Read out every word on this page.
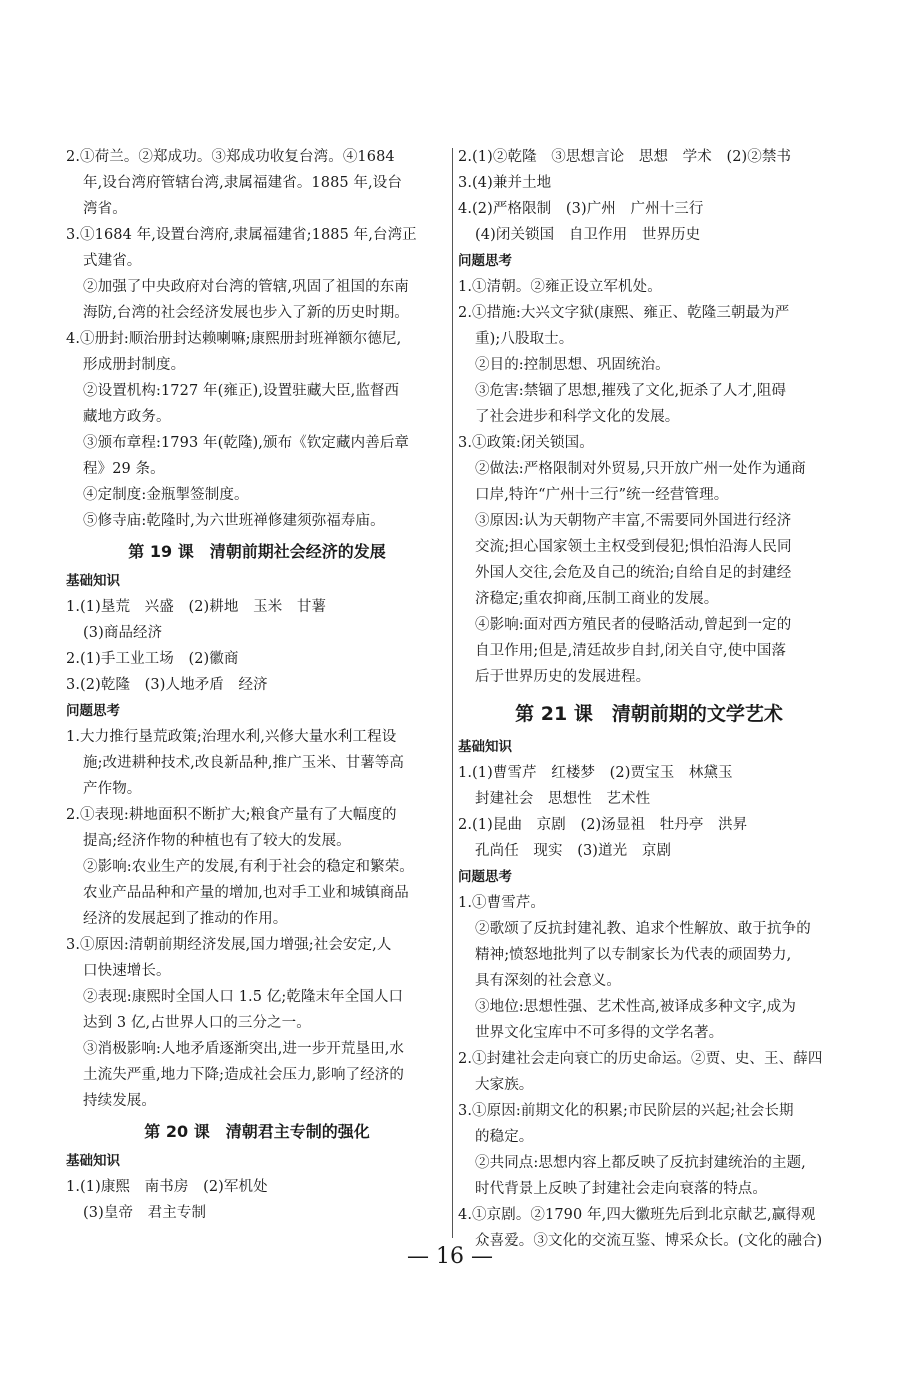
2.①荷兰。②郑成功。③郑成功收复台湾。④1684
年,设台湾府管辖台湾,隶属福建省。1885 年,设台
湾省。
3.①1684 年,设置台湾府,隶属福建省;1885 年,台湾正
式建省。
②加强了中央政府对台湾的管辖,巩固了祖国的东南
海防,台湾的社会经济发展也步入了新的历史时期。
4.①册封:顺治册封达赖喇嘛;康熙册封班禅额尔德尼,
形成册封制度。
②设置机构:1727 年(雍正),设置驻藏大臣,监督西
藏地方政务。
③颁布章程:1793 年(乾隆),颁布《钦定藏内善后章
程》29 条。
④定制度:金瓶掣签制度。
⑤修寺庙:乾隆时,为六世班禅修建须弥福寿庙。
第 19 课　清朝前期社会经济的发展
基础知识
1.(1)垦荒　兴盛　(2)耕地　玉米　甘薯
(3)商品经济
2.(1)手工业工场　(2)徽商
3.(2)乾隆　(3)人地矛盾　经济
问题思考
1.大力推行垦荒政策;治理水利,兴修大量水利工程设
施;改进耕种技术,改良新品种,推广玉米、甘薯等高
产作物。
2.①表现:耕地面积不断扩大;粮食产量有了大幅度的
提高;经济作物的种植也有了较大的发展。
②影响:农业生产的发展,有利于社会的稳定和繁荣。
农业产品品种和产量的增加,也对手工业和城镇商品
经济的发展起到了推动的作用。
3.①原因:清朝前期经济发展,国力增强;社会安定,人
口快速增长。
②表现:康熙时全国人口 1.5 亿;乾隆末年全国人口
达到 3 亿,占世界人口的三分之一。
③消极影响:人地矛盾逐渐突出,进一步开荒垦田,水
土流失严重,地力下降;造成社会压力,影响了经济的
持续发展。
第 20 课　清朝君主专制的强化
基础知识
1.(1)康熙　南书房　(2)军机处
(3)皇帝　君主专制
2.(1)②乾隆　③思想言论　思想　学术　(2)②禁书
3.(4)兼并土地
4.(2)严格限制　(3)广州　广州十三行
(4)闭关锁国　自卫作用　世界历史
问题思考
1.①清朝。②雍正设立军机处。
2.①措施:大兴文字狱(康熙、雍正、乾隆三朝最为严
重);八股取士。
②目的:控制思想、巩固统治。
③危害:禁锢了思想,摧残了文化,扼杀了人才,阻碍
了社会进步和科学文化的发展。
3.①政策:闭关锁国。
②做法:严格限制对外贸易,只开放广州一处作为通商
口岸,特许“广州十三行”统一经营管理。
③原因:认为天朝物产丰富,不需要同外国进行经济
交流;担心国家领土主权受到侵犯;惧怕沿海人民同
外国人交往,会危及自己的统治;自给自足的封建经
济稳定;重农抑商,压制工商业的发展。
④影响:面对西方殖民者的侵略活动,曾起到一定的
自卫作用;但是,清廷故步自封,闭关自守,使中国落
后于世界历史的发展进程。
第 21 课　清朝前期的文学艺术
基础知识
1.(1)曹雪芹　红楼梦　(2)贾宝玉　林黛玉
封建社会　思想性　艺术性
2.(1)昆曲　京剧　(2)汤显祖　牡丹亭　洪昇
孔尚任　现实　(3)道光　京剧
问题思考
1.①曹雪芹。
②歌颂了反抗封建礼教、追求个性解放、敢于抗争的
精神;愤怒地批判了以专制家长为代表的顽固势力,
具有深刻的社会意义。
③地位:思想性强、艺术性高,被译成多种文字,成为
世界文化宝库中不可多得的文学名著。
2.①封建社会走向衰亡的历史命运。②贾、史、王、薛四
大家族。
3.①原因:前期文化的积累;市民阶层的兴起;社会长期
的稳定。
②共同点:思想内容上都反映了反抗封建统治的主题,
时代背景上反映了封建社会走向衰落的特点。
4.①京剧。②1790 年,四大徽班先后到北京献艺,赢得观
众喜爱。③文化的交流互鉴、博采众长。(文化的融合)
— 16 —
